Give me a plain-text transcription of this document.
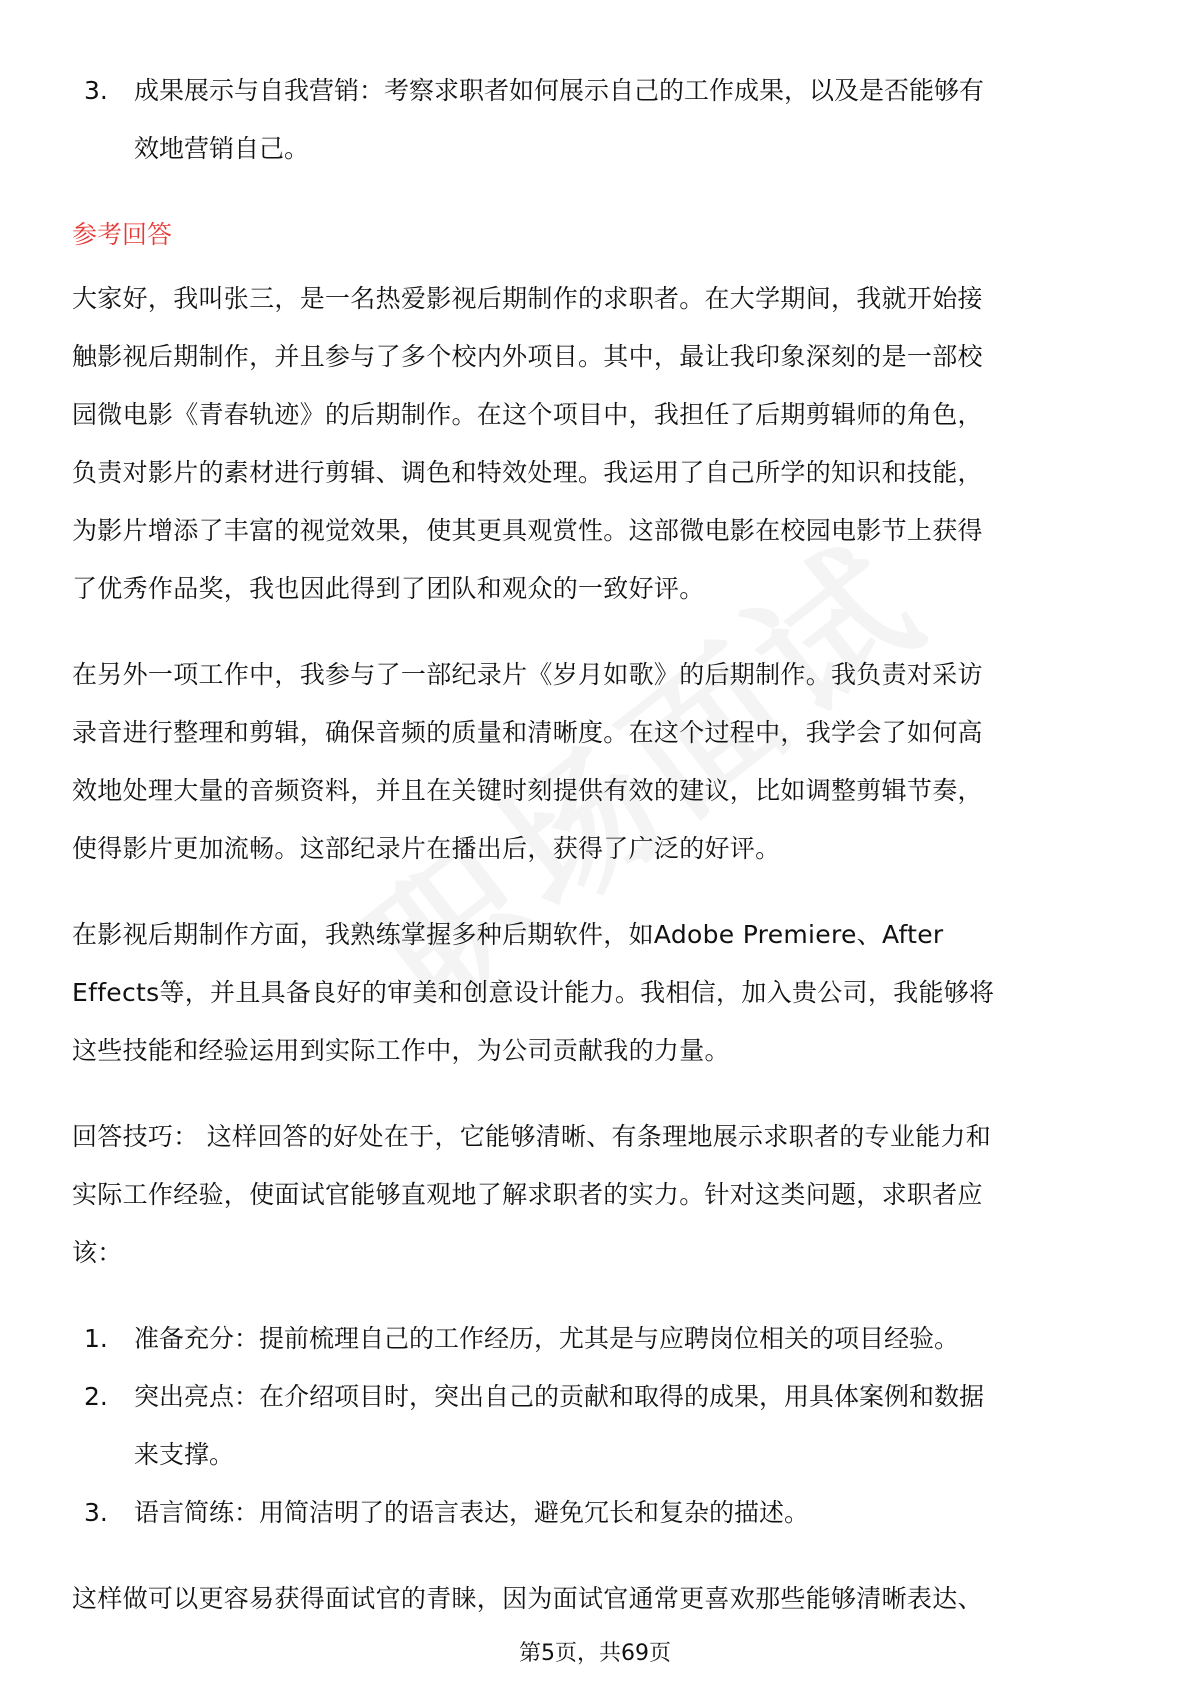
3.	成果展示与自我营销：考察求职者如何展示自己的工作成果，以及是否能够有
效地营销自己。
参考回答
大家好，我叫张三，是一名热爱影视后期制作的求职者。在大学期间，我就开始接
触影视后期制作，并且参与了多个校内外项目。其中，最让我印象深刻的是一部校
园微电影《青春轨迹》的后期制作。在这个项目中，我担任了后期剪辑师的角色，
负责对影片的素材进行剪辑、调色和特效处理。我运用了自己所学的知识和技能，
为影片增添了丰富的视觉效果，使其更具观赏性。这部微电影在校园电影节上获得
了优秀作品奖，我也因此得到了团队和观众的一致好评。
在另外一项工作中，我参与了一部纪录片《岁月如歌》的后期制作。我负责对采访
录音进行整理和剪辑，确保音频的质量和清晰度。在这个过程中，我学会了如何高
效地处理大量的音频资料，并且在关键时刻提供有效的建议，比如调整剪辑节奏，
使得影片更加流畅。这部纪录片在播出后，获得了广泛的好评。
在影视后期制作方面，我熟练掌握多种后期软件，如Adobe Premiere、After
Effects等，并且具备良好的审美和创意设计能力。我相信，加入贵公司，我能够将
这些技能和经验运用到实际工作中，为公司贡献我的力量。
回答技巧： 这样回答的好处在于，它能够清晰、有条理地展示求职者的专业能力和
实际工作经验，使面试官能够直观地了解求职者的实力。针对这类问题，求职者应
该：
1.	准备充分：提前梳理自己的工作经历，尤其是与应聘岗位相关的项目经验。
2.	突出亮点：在介绍项目时，突出自己的贡献和取得的成果，用具体案例和数据
来支撑。
3.	语言简练：用简洁明了的语言表达，避免冗长和复杂的描述。
这样做可以更容易获得面试官的青睐，因为面试官通常更喜欢那些能够清晰表达、
第5页，共69页
